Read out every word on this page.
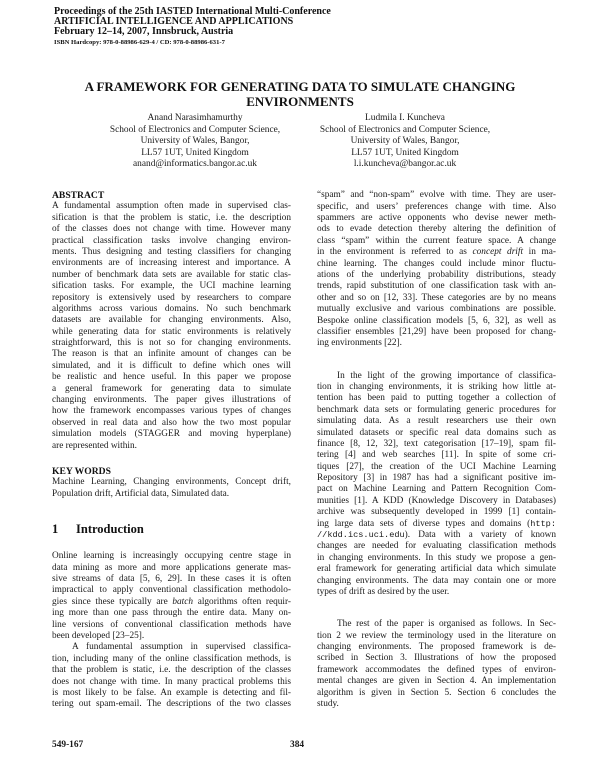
Proceedings of the 25th IASTED International Multi-Conference
ARTIFICIAL INTELLIGENCE AND APPLICATIONS
February 12–14, 2007, Innsbruck, Austria
ISBN Hardcopy: 978-0-88986-629-4 / CD: 978-0-88986-631-7
A FRAMEWORK FOR GENERATING DATA TO SIMULATE CHANGING
ENVIRONMENTS
Anand Narasimhamurthy
School of Electronics and Computer Science,
University of Wales, Bangor,
LL57 1UT, United Kingdom
anand@informatics.bangor.ac.uk
Ludmila I. Kuncheva
School of Electronics and Computer Science,
University of Wales, Bangor,
LL57 1UT, United Kingdom
l.i.kuncheva@bangor.ac.uk
ABSTRACT
A fundamental assumption often made in supervised clas-
sification is that the problem is static, i.e. the description
of the classes does not change with time. However many
practical classification tasks involve changing environ-
ments. Thus designing and testing classifiers for changing
environments are of increasing interest and importance. A
number of benchmark data sets are available for static clas-
sification tasks. For example, the UCI machine learning
repository is extensively used by researchers to compare
algorithms across various domains. No such benchmark
datasets are available for changing environments. Also,
while generating data for static environments is relatively
straightforward, this is not so for changing environments.
The reason is that an infinite amount of changes can be
simulated, and it is difficult to define which ones will
be realistic and hence useful. In this paper we propose
a general framework for generating data to simulate
changing environments. The paper gives illustrations of
how the framework encompasses various types of changes
observed in real data and also how the two most popular
simulation models (STAGGER and moving hyperplane)
are represented within.
KEY WORDS
Machine Learning, Changing environments, Concept drift,
Population drift, Artificial data, Simulated data.
1 Introduction
Online learning is increasingly occupying centre stage in
data mining as more and more applications generate mas-
sive streams of data [5, 6, 29]. In these cases it is often
impractical to apply conventional classification methodolo-
gies since these typically are batch algorithms often requir-
ing more than one pass through the entire data. Many on-
line versions of conventional classification methods have
been developed [23–25].
A fundamental assumption in supervised classifica-
tion, including many of the online classification methods, is
that the problem is static, i.e. the description of the classes
does not change with time. In many practical problems this
is most likely to be false. An example is detecting and fil-
tering out spam-email. The descriptions of the two classes
“spam” and “non-spam” evolve with time. They are user-
specific, and users’ preferences change with time. Also
spammers are active opponents who devise newer meth-
ods to evade detection thereby altering the definition of
class “spam” within the current feature space. A change
in the environment is referred to as concept drift in ma-
chine learning. The changes could include minor fluctu-
ations of the underlying probability distributions, steady
trends, rapid substitution of one classification task with an-
other and so on [12, 33]. These categories are by no means
mutually exclusive and various combinations are possible.
Bespoke online classification models [5, 6, 32], as well as
classifier ensembles [21,29] have been proposed for chang-
ing environments [22].
In the light of the growing importance of classifica-
tion in changing environments, it is striking how little at-
tention has been paid to putting together a collection of
benchmark data sets or formulating generic procedures for
simulating data. As a result researchers use their own
simulated datasets or specific real data domains such as
finance [8, 12, 32], text categorisation [17–19], spam fil-
tering [4] and web searches [11]. In spite of some cri-
tiques [27], the creation of the UCI Machine Learning
Repository [3] in 1987 has had a significant positive im-
pact on Machine Learning and Pattern Recognition Com-
munities [1]. A KDD (Knowledge Discovery in Databases)
archive was subsequently developed in 1999 [1] contain-
ing large data sets of diverse types and domains (http:
//kdd.ics.uci.edu). Data with a variety of known
changes are needed for evaluating classification methods
in changing environments. In this study we propose a gen-
eral framework for generating artificial data which simulate
changing environments. The data may contain one or more
types of drift as desired by the user.
The rest of the paper is organised as follows. In Sec-
tion 2 we review the terminology used in the literature on
changing environments. The proposed framework is de-
scribed in Section 3. Illustrations of how the proposed
framework accommodates the defined types of environ-
mental changes are given in Section 4. An implementation
algorithm is given in Section 5. Section 6 concludes the
study.
549-167	384
